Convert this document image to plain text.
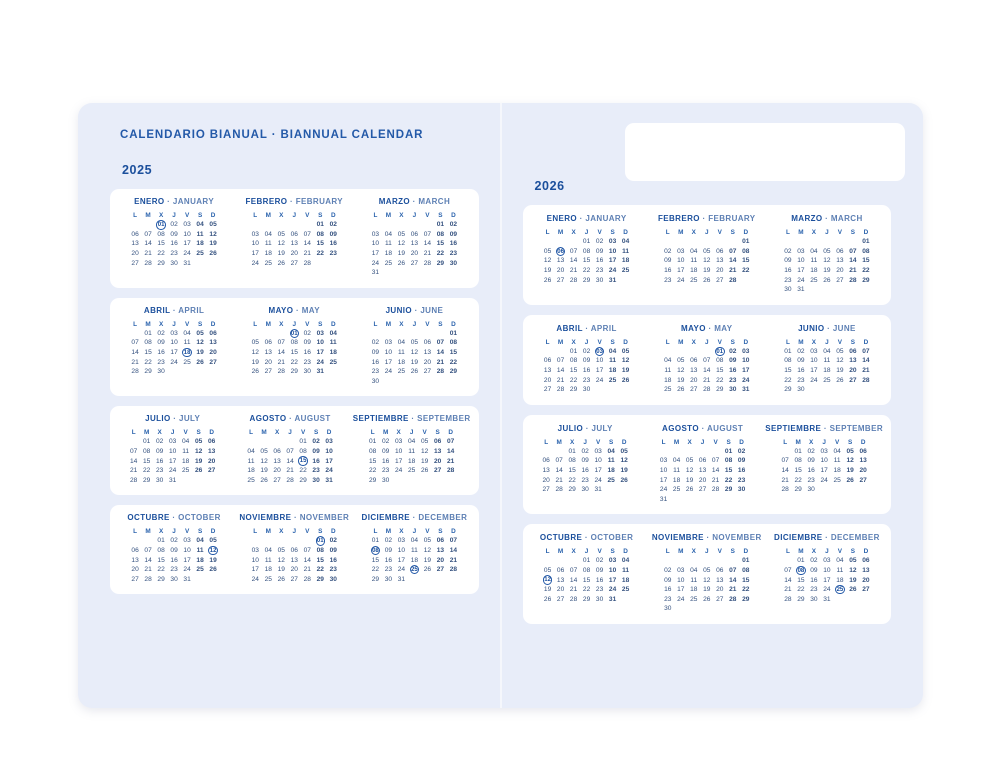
CALENDARIO BIANUAL · BIANNUAL CALENDAR
2025
ENERO · JANUARY
L	M	X	J	V	S	D
		01	02	03	04	05
06	07	08	09	10	11	12
13	14	15	16	17	18	19
20	21	22	23	24	25	26
27	28	29	30	31		
FEBRERO · FEBRUARY
L	M	X	J	V	S	D
					01	02
03	04	05	06	07	08	09
10	11	12	13	14	15	16
17	18	19	20	21	22	23
24	25	26	27	28		
MARZO · MARCH
L	M	X	J	V	S	D
					01	02
03	04	05	06	07	08	09
10	11	12	13	14	15	16
17	18	19	20	21	22	23
24	25	26	27	28	29	30
31						
ABRIL · APRIL
L	M	X	J	V	S	D
	01	02	03	04	05	06
07	08	09	10	11	12	13
14	15	16	17	18	19	20
21	22	23	24	25	26	27
28	29	30				
MAYO · MAY
L	M	X	J	V	S	D
			01	02	03	04
05	06	07	08	09	10	11
12	13	14	15	16	17	18
19	20	21	22	23	24	25
26	27	28	29	30	31	
JUNIO · JUNE
L	M	X	J	V	S	D
						01
02	03	04	05	06	07	08
09	10	11	12	13	14	15
16	17	18	19	20	21	22
23	24	25	26	27	28	29
30						
JULIO · JULY
L	M	X	J	V	S	D
	01	02	03	04	05	06
07	08	09	10	11	12	13
14	15	16	17	18	19	20
21	22	23	24	25	26	27
28	29	30	31			
AGOSTO · AUGUST
L	M	X	J	V	S	D
				01	02	03
04	05	06	07	08	09	10
11	12	13	14	15	16	17
18	19	20	21	22	23	24
25	26	27	28	29	30	31
SEPTIEMBRE · SEPTEMBER
L	M	X	J	V	S	D
01	02	03	04	05	06	07
08	09	10	11	12	13	14
15	16	17	18	19	20	21
22	23	24	25	26	27	28
29	30					
OCTUBRE · OCTOBER
L	M	X	J	V	S	D
		01	02	03	04	05
06	07	08	09	10	11	12
13	14	15	16	17	18	19
20	21	22	23	24	25	26
27	28	29	30	31		
NOVIEMBRE · NOVEMBER
L	M	X	J	V	S	D
					01	02
03	04	05	06	07	08	09
10	11	12	13	14	15	16
17	18	19	20	21	22	23
24	25	26	27	28	29	30
DICIEMBRE · DECEMBER
L	M	X	J	V	S	D
01	02	03	04	05	06	07
08	09	10	11	12	13	14
15	16	17	18	19	20	21
22	23	24	25	26	27	28
29	30	31				
2026
ENERO · JANUARY
L	M	X	J	V	S	D
			01	02	03	04
05	06	07	08	09	10	11
12	13	14	15	16	17	18
19	20	21	22	23	24	25
26	27	28	29	30	31	
FEBRERO · FEBRUARY
L	M	X	J	V	S	D
						01
02	03	04	05	06	07	08
09	10	11	12	13	14	15
16	17	18	19	20	21	22
23	24	25	26	27	28	
MARZO · MARCH
L	M	X	J	V	S	D
						01
02	03	04	05	06	07	08
09	10	11	12	13	14	15
16	17	18	19	20	21	22
23	24	25	26	27	28	29
30	31					
ABRIL · APRIL
L	M	X	J	V	S	D
		01	02	03	04	05
06	07	08	09	10	11	12
13	14	15	16	17	18	19
20	21	22	23	24	25	26
27	28	29	30			
MAYO · MAY
L	M	X	J	V	S	D
				01	02	03
04	05	06	07	08	09	10
11	12	13	14	15	16	17
18	19	20	21	22	23	24
25	26	27	28	29	30	31
JUNIO · JUNE
L	M	X	J	V	S	D
01	02	03	04	05	06	07
08	09	10	11	12	13	14
15	16	17	18	19	20	21
22	23	24	25	26	27	28
29	30					
JULIO · JULY
L	M	X	J	V	S	D
		01	02	03	04	05
06	07	08	09	10	11	12
13	14	15	16	17	18	19
20	21	22	23	24	25	26
27	28	29	30	31		
AGOSTO · AUGUST
L	M	X	J	V	S	D
					01	02
03	04	05	06	07	08	09
10	11	12	13	14	15	16
17	18	19	20	21	22	23
24	25	26	27	28	29	30
31						
SEPTIEMBRE · SEPTEMBER
L	M	X	J	V	S	D
	01	02	03	04	05	06
07	08	09	10	11	12	13
14	15	16	17	18	19	20
21	22	23	24	25	26	27
28	29	30				
OCTUBRE · OCTOBER
L	M	X	J	V	S	D
			01	02	03	04
05	06	07	08	09	10	11
12	13	14	15	16	17	18
19	20	21	22	23	24	25
26	27	28	29	30	31	
NOVIEMBRE · NOVEMBER
L	M	X	J	V	S	D
						01
02	03	04	05	06	07	08
09	10	11	12	13	14	15
16	17	18	19	20	21	22
23	24	25	26	27	28	29
30						
DICIEMBRE · DECEMBER
L	M	X	J	V	S	D
	01	02	03	04	05	06
07	08	09	10	11	12	13
14	15	16	17	18	19	20
21	22	23	24	25	26	27
28	29	30	31			
